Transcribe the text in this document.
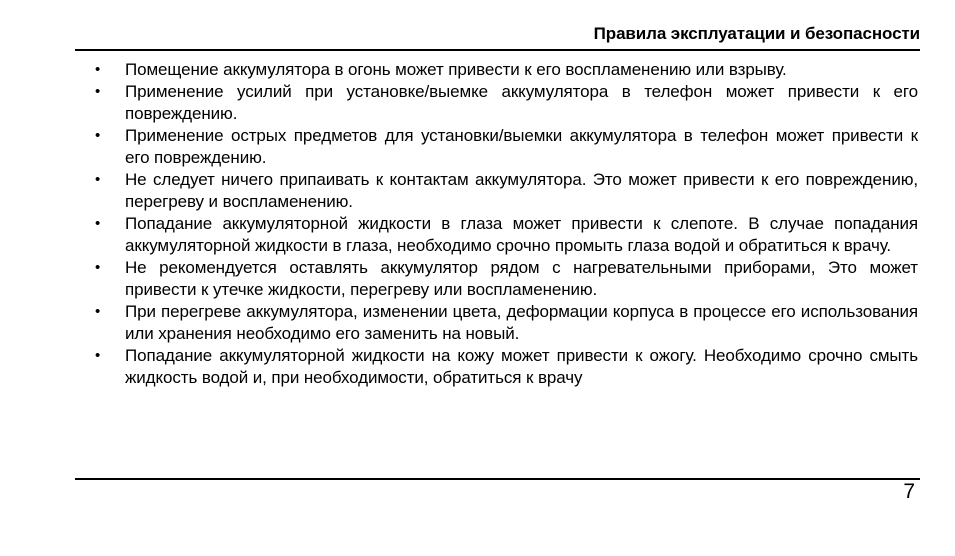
Правила эксплуатации и безопасности
• Помещение аккумулятора в огонь может привести к его воспламенению или взрыву.
• Применение усилий при установке/выемке аккумулятора в телефон может привести к его повреждению.
• Применение острых предметов для установки/выемки аккумулятора в телефон может привести к его повреждению.
• Не следует ничего припаивать к контактам аккумулятора. Это может привести к его повреждению, перегреву и воспламенению.
• Попадание аккумуляторной жидкости в глаза может привести к слепоте. В случае попадания аккумуляторной жидкости в глаза, необходимо срочно промыть глаза водой и обратиться к врачу.
• Не рекомендуется оставлять аккумулятор рядом с нагревательными приборами, Это может привести к утечке жидкости, перегреву или воспламенению.
• При перегреве аккумулятора, изменении цвета, деформации корпуса в процессе его использования или хранения необходимо его заменить на новый.
• Попадание аккумуляторной жидкости на кожу может привести к ожогу. Необходимо срочно смыть жидкость водой и, при необходимости, обратиться к врачу
7
